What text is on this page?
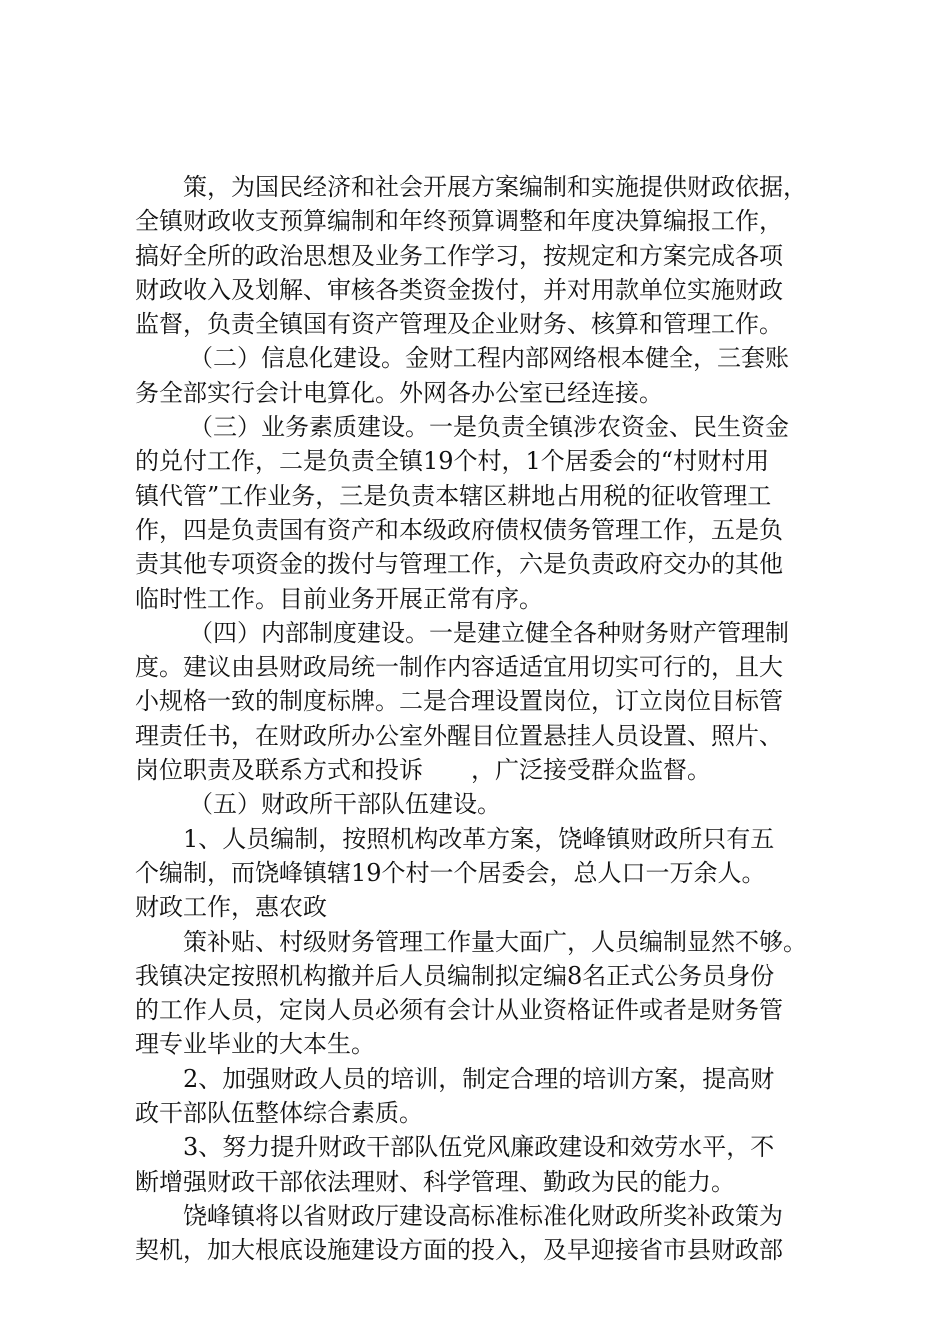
策，为国民经济和社会开展方案编制和实施提供财政依据，
全镇财政收支预算编制和年终预算调整和年度决算编报工作，
搞好全所的政治思想及业务工作学习，按规定和方案完成各项
财政收入及划解、审核各类资金拨付，并对用款单位实施财政
监督，负责全镇国有资产管理及企业财务、核算和管理工作。
（二）信息化建设。金财工程内部网络根本健全，三套账
务全部实行会计电算化。外网各办公室已经连接。
（三）业务素质建设。一是负责全镇涉农资金、民生资金
的兑付工作，二是负责全镇19个村，1个居委会的“村财村用
镇代管”工作业务，三是负责本辖区耕地占用税的征收管理工
作，四是负责国有资产和本级政府债权债务管理工作，五是负
责其他专项资金的拨付与管理工作，六是负责政府交办的其他
临时性工作。目前业务开展正常有序。
（四）内部制度建设。一是建立健全各种财务财产管理制
度。建议由县财政局统一制作内容适适宜用切实可行的，且大
小规格一致的制度标牌。二是合理设置岗位，订立岗位目标管
理责任书，在财政所办公室外醒目位置悬挂人员设置、照片、
岗位职责及联系方式和投诉　　，广泛接受群众监督。
（五）财政所干部队伍建设。
1、人员编制，按照机构改革方案，饶峰镇财政所只有五
个编制，而饶峰镇辖19个村一个居委会，总人口一万余人。
财政工作，惠农政
策补贴、村级财务管理工作量大面广，人员编制显然不够。
我镇决定按照机构撤并后人员编制拟定编8名正式公务员身份
的工作人员，定岗人员必须有会计从业资格证件或者是财务管
理专业毕业的大本生。
2、加强财政人员的培训，制定合理的培训方案，提高财
政干部队伍整体综合素质。
3、努力提升财政干部队伍党风廉政建设和效劳水平，不
断增强财政干部依法理财、科学管理、勤政为民的能力。
饶峰镇将以省财政厅建设高标准标准化财政所奖补政策为
契机，加大根底设施建设方面的投入，及早迎接省市县财政部
